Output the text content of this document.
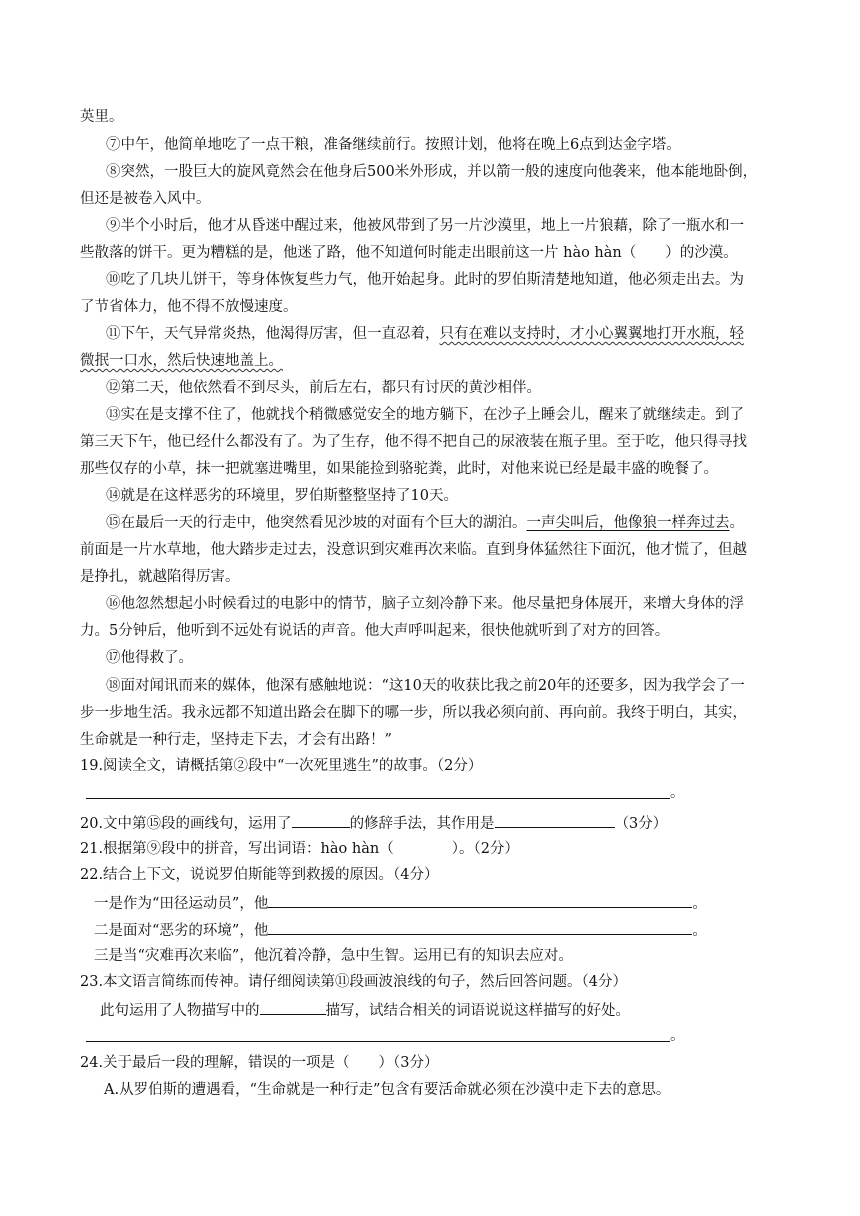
英里。
⑦中午，他简单地吃了一点干粮，准备继续前行。按照计划，他将在晚上6点到达金字塔。
⑧突然，一股巨大的旋风竟然会在他身后500米外形成，并以箭一般的速度向他袭来，他本能地卧倒，
但还是被卷入风中。
⑨半个小时后，他才从昏迷中醒过来，他被风带到了另一片沙漠里，地上一片狼藉，除了一瓶水和一
些散落的饼干。更为糟糕的是，他迷了路，他不知道何时能走出眼前这一片 hào hàn（　　）的沙漠。
⑩吃了几块儿饼干，等身体恢复些力气，他开始起身。此时的罗伯斯清楚地知道，他必须走出去。为
了节省体力，他不得不放慢速度。
⑪下午，天气异常炎热，他渴得厉害，但一直忍着，只有在难以支持时，才小心翼翼地打开水瓶，轻
微抿一口水，然后快速地盖上。
⑫第二天，他依然看不到尽头，前后左右，都只有讨厌的黄沙相伴。
⑬实在是支撑不住了，他就找个稍微感觉安全的地方躺下，在沙子上睡会儿，醒来了就继续走。到了
第三天下午，他已经什么都没有了。为了生存，他不得不把自己的尿液装在瓶子里。至于吃，他只得寻找
那些仅存的小草，抹一把就塞进嘴里，如果能捡到骆驼粪，此时，对他来说已经是最丰盛的晚餐了。
⑭就是在这样恶劣的环境里，罗伯斯整整坚持了10天。
⑮在最后一天的行走中，他突然看见沙坡的对面有个巨大的湖泊。一声尖叫后，他像狼一样奔过去。
前面是一片水草地，他大踏步走过去，没意识到灾难再次来临。直到身体猛然往下面沉，他才慌了，但越
是挣扎，就越陷得厉害。
⑯他忽然想起小时候看过的电影中的情节，脑子立刻冷静下来。他尽量把身体展开，来增大身体的浮
力。5分钟后，他听到不远处有说话的声音。他大声呼叫起来，很快他就听到了对方的回答。
⑰他得救了。
⑱面对闻讯而来的媒体，他深有感触地说：“这10天的收获比我之前20年的还要多，因为我学会了一
步一步地生活。我永远都不知道出路会在脚下的哪一步，所以我必须向前、再向前。我终于明白，其实，
生命就是一种行走，坚持走下去，才会有出路！”
19.阅读全文，请概括第②段中“一次死里逃生”的故事。（2分）
。
20.文中第⑮段的画线句，运用了	的修辞手法，其作用是	（3分）
21.根据第⑨段中的拼音，写出词语：hào hàn（　　　　）。（2分）
22.结合上下文，说说罗伯斯能等到救援的原因。（4分）
一是作为“田径运动员”，他	。
二是面对“恶劣的环境”，他	。
三是当“灾难再次来临”，他沉着冷静，急中生智。运用已有的知识去应对。
23.本文语言简练而传神。请仔细阅读第⑪段画波浪线的句子，然后回答问题。（4分）
此句运用了人物描写中的	描写，试结合相关的词语说说这样描写的好处。
。
24.关于最后一段的理解，错误的一项是（　　）（3分）
A.从罗伯斯的遭遇看，“生命就是一种行走”包含有要活命就必须在沙漠中走下去的意思。
